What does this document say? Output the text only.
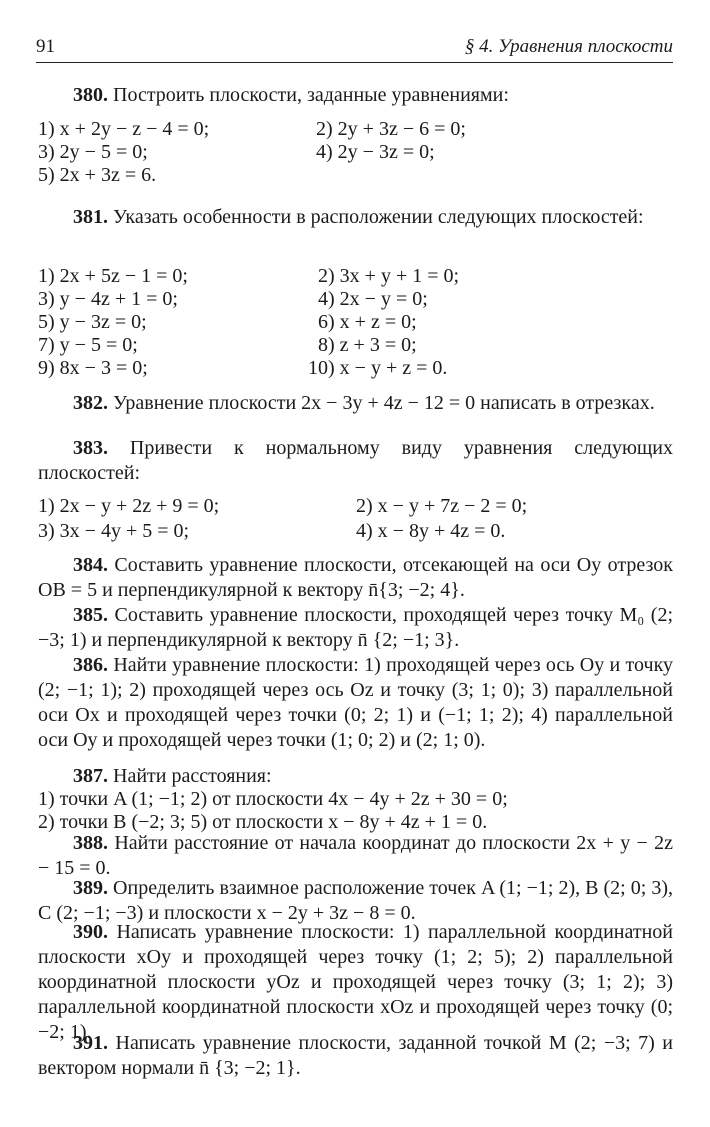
91	§ 4. Уравнения плоскости
380. Построить плоскости, заданные уравнениями:
1) x + 2y − z − 4 = 0;	2) 2y + 3z − 6 = 0;
3) 2y − 5 = 0;	4) 2y − 3z = 0;
5) 2x + 3z = 6.
381. Указать особенности в расположении следующих плоскостей:
1) 2x + 5z − 1 = 0;	2) 3x + y + 1 = 0;
3) y − 4z + 1 = 0;	4) 2x − y = 0;
5) y − 3z = 0;	6) x + z = 0;
7) y − 5 = 0;	8) z + 3 = 0;
9) 8x − 3 = 0;	10) x − y + z = 0.
382. Уравнение плоскости 2x − 3y + 4z − 12 = 0 написать в отрезках.
383. Привести к нормальному виду уравнения следующих плоскостей:
1) 2x − y + 2z + 9 = 0;	2) x − y + 7z − 2 = 0;
3) 3x − 4y + 5 = 0;	4) x − 8y + 4z = 0.
384. Составить уравнение плоскости, отсекающей на оси Oy отрезок OB = 5 и перпендикулярной к вектору n̄{3; −2; 4}.
385. Составить уравнение плоскости, проходящей через точку M₀ (2; −3; 1) и перпендикулярной к вектору n̄ {2; −1; 3}.
386. Найти уравнение плоскости: 1) проходящей через ось Oy и точку (2; −1; 1); 2) проходящей через ось Oz и точку (3; 1; 0); 3) параллельной оси Ox и проходящей через точки (0; 2; 1) и (−1; 1; 2); 4) параллельной оси Oy и проходящей через точки (1; 0; 2) и (2; 1; 0).
387. Найти расстояния:
1) точки A (1; −1; 2) от плоскости 4x − 4y + 2z + 30 = 0;
2) точки B (−2; 3; 5) от плоскости x − 8y + 4z + 1 = 0.
388. Найти расстояние от начала координат до плоскости 2x + y − 2z − 15 = 0.
389. Определить взаимное расположение точек A (1; −1; 2), B (2; 0; 3), C (2; −1; −3) и плоскости x − 2y + 3z − 8 = 0.
390. Написать уравнение плоскости: 1) параллельной координатной плоскости xOy и проходящей через точку (1; 2; 5); 2) параллельной координатной плоскости yOz и проходящей через точку (3; 1; 2); 3) параллельной координатной плоскости xOz и проходящей через точку (0; −2; 1).
391. Написать уравнение плоскости, заданной точкой M (2; −3; 7) и вектором нормали n̄ {3; −2; 1}.
